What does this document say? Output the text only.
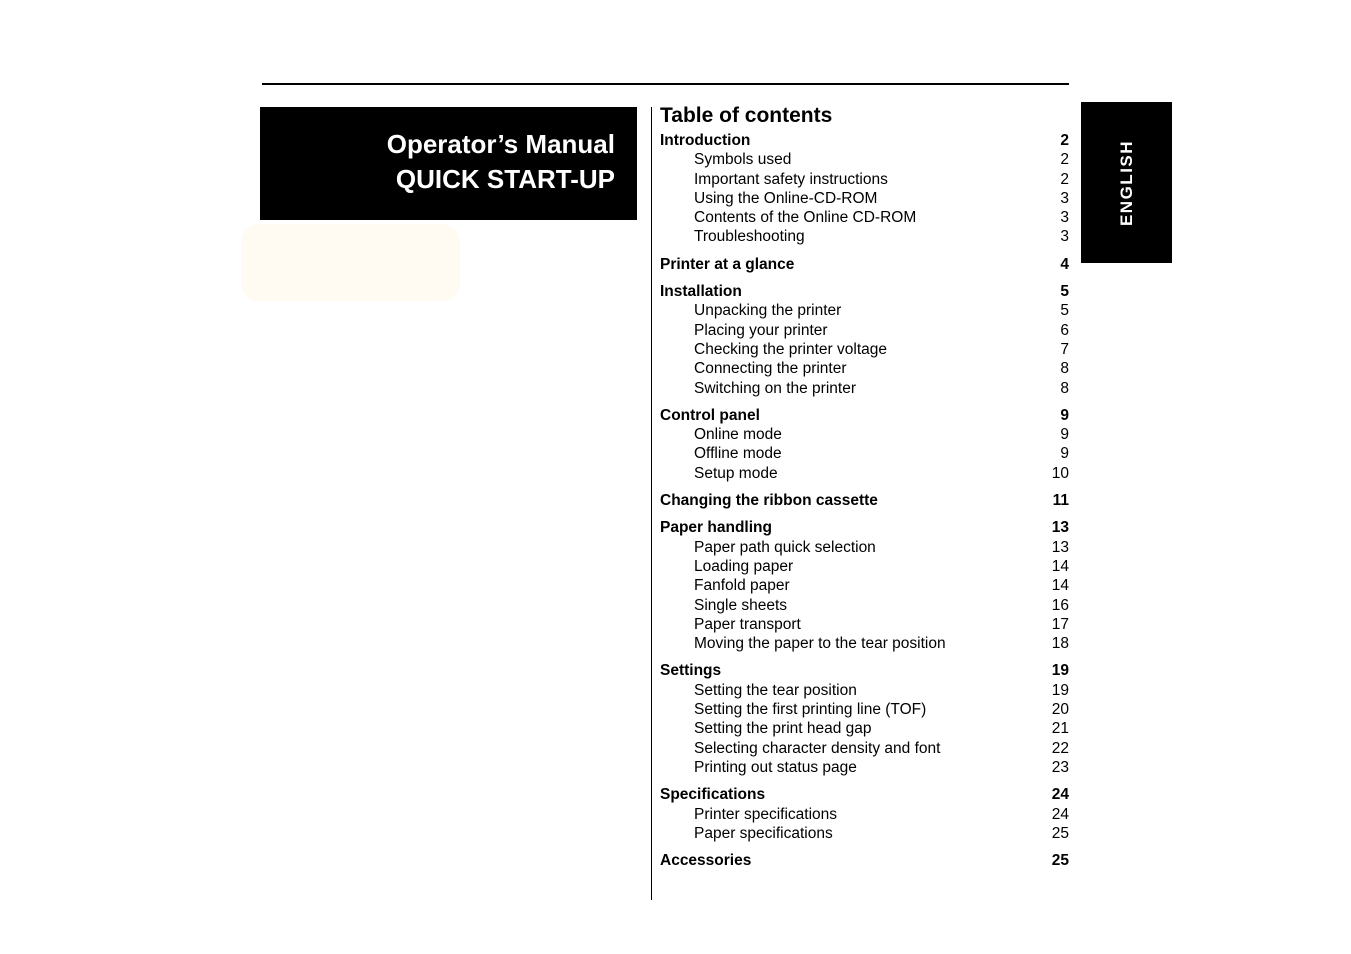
Operator’s Manual
QUICK START-UP	ENGLISH
Table of contents
Introduction	2
Symbols used	2
Important safety instructions	2
Using the Online-CD-ROM	3
Contents of the Online CD-ROM	3
Troubleshooting	3
Printer at a glance	4
Installation	5
Unpacking the printer	5
Placing your printer	6
Checking the printer voltage	7
Connecting the printer	8
Switching on the printer	8
Control panel	9
Online mode	9
Offline mode	9
Setup mode	10
Changing the ribbon cassette	11
Paper handling	13
Paper path quick selection	13
Loading paper	14
Fanfold paper	14
Single sheets	16
Paper transport	17
Moving the paper to the tear position	18
Settings	19
Setting the tear position	19
Setting the first printing line (TOF)	20
Setting the print head gap	21
Selecting character density and font	22
Printing out status page	23
Specifications	24
Printer specifications	24
Paper specifications	25
Accessories	25
